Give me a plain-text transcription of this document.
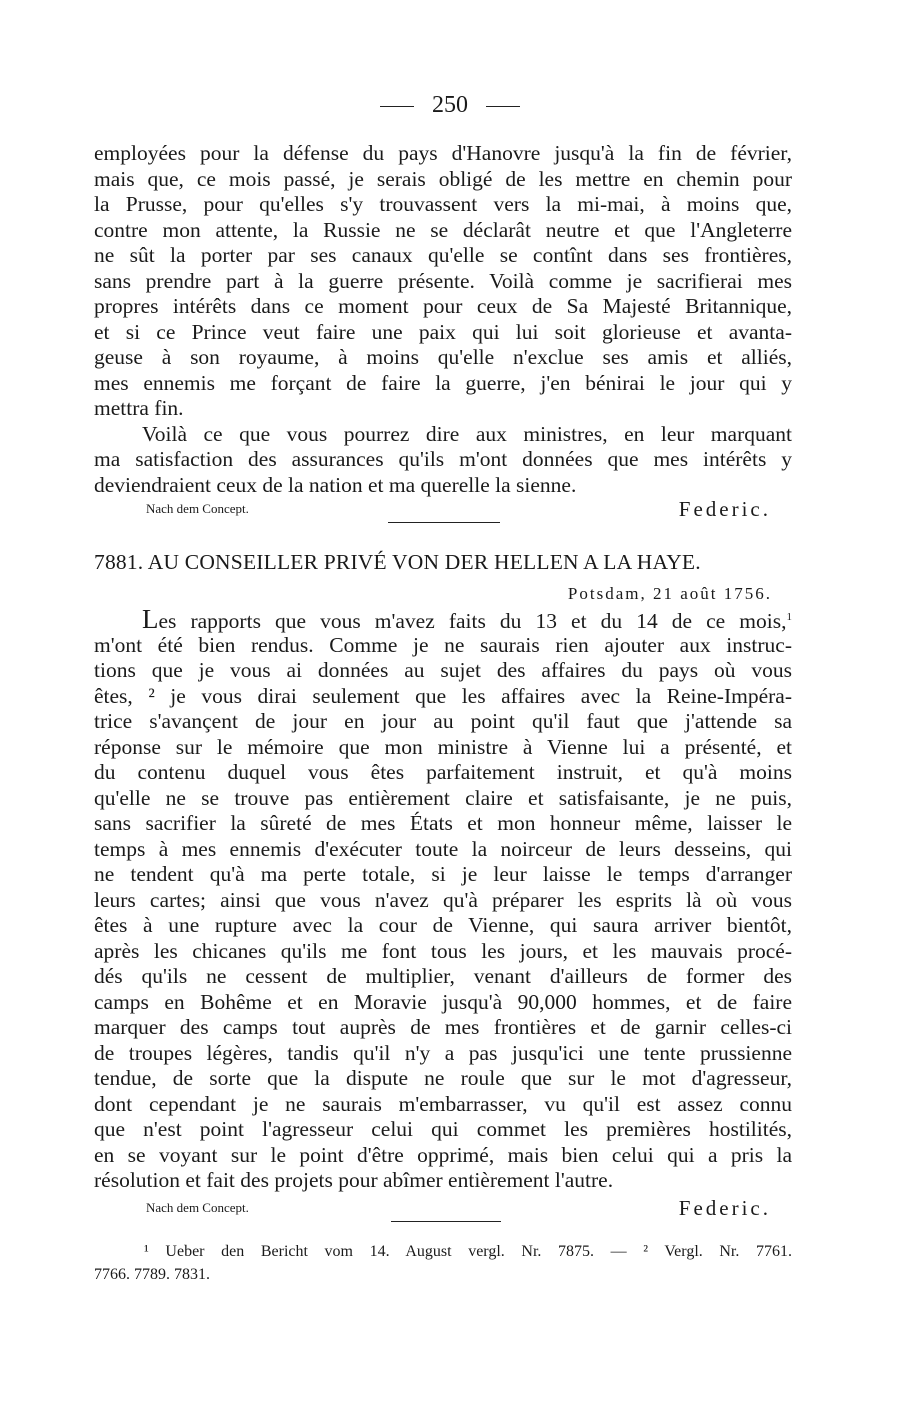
250
employées pour la défense du pays d'Hanovre jusqu'à la fin de février,
mais que, ce mois passé, je serais obligé de les mettre en chemin pour
la Prusse, pour qu'elles s'y trouvassent vers la mi-mai, à moins que,
contre mon attente, la Russie ne se déclarât neutre et que l'Angleterre
ne sût la porter par ses canaux qu'elle se contînt dans ses frontières,
sans prendre part à la guerre présente. Voilà comme je sacrifierai mes
propres intérêts dans ce moment pour ceux de Sa Majesté Britannique,
et si ce Prince veut faire une paix qui lui soit glorieuse et avanta-
geuse à son royaume, à moins qu'elle n'exclue ses amis et alliés,
mes ennemis me forçant de faire la guerre, j'en bénirai le jour qui y
mettra fin.
Voilà ce que vous pourrez dire aux ministres, en leur marquant
ma satisfaction des assurances qu'ils m'ont données que mes intérêts y
deviendraient ceux de la nation et ma querelle la sienne.
Nach dem Concept.	Federic.
7881. AU CONSEILLER PRIVÉ VON DER HELLEN A LA HAYE.
Potsdam, 21 août 1756.
Les rapports que vous m'avez faits du 13 et du 14 de ce mois,$^1$
m'ont été bien rendus. Comme je ne saurais rien ajouter aux instruc-
tions que je vous ai données au sujet des affaires du pays où vous
êtes, ² je vous dirai seulement que les affaires avec la Reine-Impéra-
trice s'avançent de jour en jour au point qu'il faut que j'attende sa
réponse sur le mémoire que mon ministre à Vienne lui a présenté, et
du contenu duquel vous êtes parfaitement instruit, et qu'à moins
qu'elle ne se trouve pas entièrement claire et satisfaisante, je ne puis,
sans sacrifier la sûreté de mes États et mon honneur même, laisser le
temps à mes ennemis d'exécuter toute la noirceur de leurs desseins, qui
ne tendent qu'à ma perte totale, si je leur laisse le temps d'arranger
leurs cartes; ainsi que vous n'avez qu'à préparer les esprits là où vous
êtes à une rupture avec la cour de Vienne, qui saura arriver bientôt,
après les chicanes qu'ils me font tous les jours, et les mauvais procé-
dés qu'ils ne cessent de multiplier, venant d'ailleurs de former des
camps en Bohême et en Moravie jusqu'à 90,000 hommes, et de faire
marquer des camps tout auprès de mes frontières et de garnir celles-ci
de troupes légères, tandis qu'il n'y a pas jusqu'ici une tente prussienne
tendue, de sorte que la dispute ne roule que sur le mot d'agresseur,
dont cependant je ne saurais m'embarrasser, vu qu'il est assez connu
que n'est point l'agresseur celui qui commet les premières hostilités,
en se voyant sur le point d'être opprimé, mais bien celui qui a pris la
résolution et fait des projets pour abîmer entièrement l'autre.
Nach dem Concept.	Federic.
¹ Ueber den Bericht vom 14. August vergl. Nr. 7875. — ² Vergl. Nr. 7761.
7766. 7789. 7831.
